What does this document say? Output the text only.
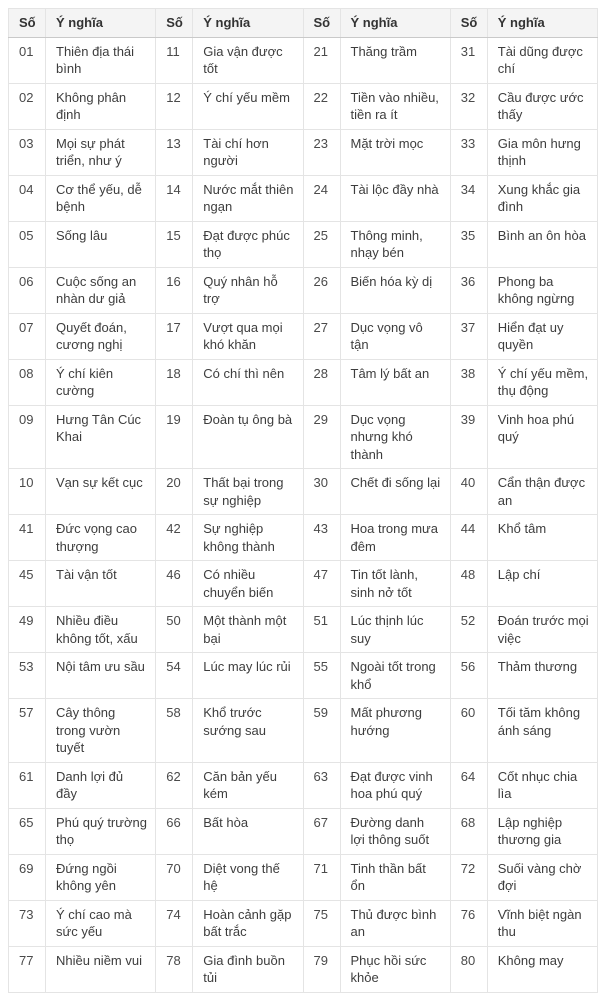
Số	Ý nghĩa	Số	Ý nghĩa	Số	Ý nghĩa	Số	Ý nghĩa
01	Thiên địa thái bình	11	Gia vận được tốt	21	Thăng trầm	31	Tài dũng được chí
02	Không phân định	12	Ý chí yếu mềm	22	Tiền vào nhiều, tiền ra ít	32	Cầu được ước thấy
03	Mọi sự phát triển, như ý	13	Tài chí hơn người	23	Mặt trời mọc	33	Gia môn hưng thịnh
04	Cơ thể yếu, dễ bệnh	14	Nước mắt thiên ngạn	24	Tài lộc đầy nhà	34	Xung khắc gia đình
05	Sống lâu	15	Đạt được phúc thọ	25	Thông minh, nhạy bén	35	Bình an ôn hòa
06	Cuộc sống an nhàn dư giả	16	Quý nhân hỗ trợ	26	Biến hóa kỳ dị	36	Phong ba không ngừng
07	Quyết đoán, cương nghị	17	Vượt qua mọi khó khăn	27	Dục vọng vô tận	37	Hiển đạt uy quyền
08	Ý chí kiên cường	18	Có chí thì nên	28	Tâm lý bất an	38	Ý chí yếu mềm, thụ động
09	Hưng Tân Cúc Khai	19	Đoàn tụ ông bà	29	Dục vọng nhưng khó thành	39	Vinh hoa phú quý
10	Vạn sự kết cục	20	Thất bại trong sự nghiệp	30	Chết đi sống lại	40	Cẩn thận được an
41	Đức vọng cao thượng	42	Sự nghiệp không thành	43	Hoa trong mưa đêm	44	Khổ tâm
45	Tài vận tốt	46	Có nhiều chuyển biến	47	Tin tốt lành, sinh nở tốt	48	Lập chí
49	Nhiều điều không tốt, xấu	50	Một thành một bại	51	Lúc thịnh lúc suy	52	Đoán trước mọi việc
53	Nội tâm ưu sầu	54	Lúc may lúc rủi	55	Ngoài tốt trong khổ	56	Thảm thương
57	Cây thông trong vườn tuyết	58	Khổ trước sướng sau	59	Mất phương hướng	60	Tối tăm không ánh sáng
61	Danh lợi đủ đầy	62	Căn bản yếu kém	63	Đạt được vinh hoa phú quý	64	Cốt nhục chia lìa
65	Phú quý trường thọ	66	Bất hòa	67	Đường danh lợi thông suốt	68	Lập nghiệp thương gia
69	Đứng ngồi không yên	70	Diệt vong thế hệ	71	Tinh thần bất ổn	72	Suối vàng chờ đợi
73	Ý chí cao mà sức yếu	74	Hoàn cảnh gặp bất trắc	75	Thủ được bình an	76	Vĩnh biệt ngàn thu
77	Nhiều niềm vui	78	Gia đình buồn tủi	79	Phục hồi sức khỏe	80	Không may
